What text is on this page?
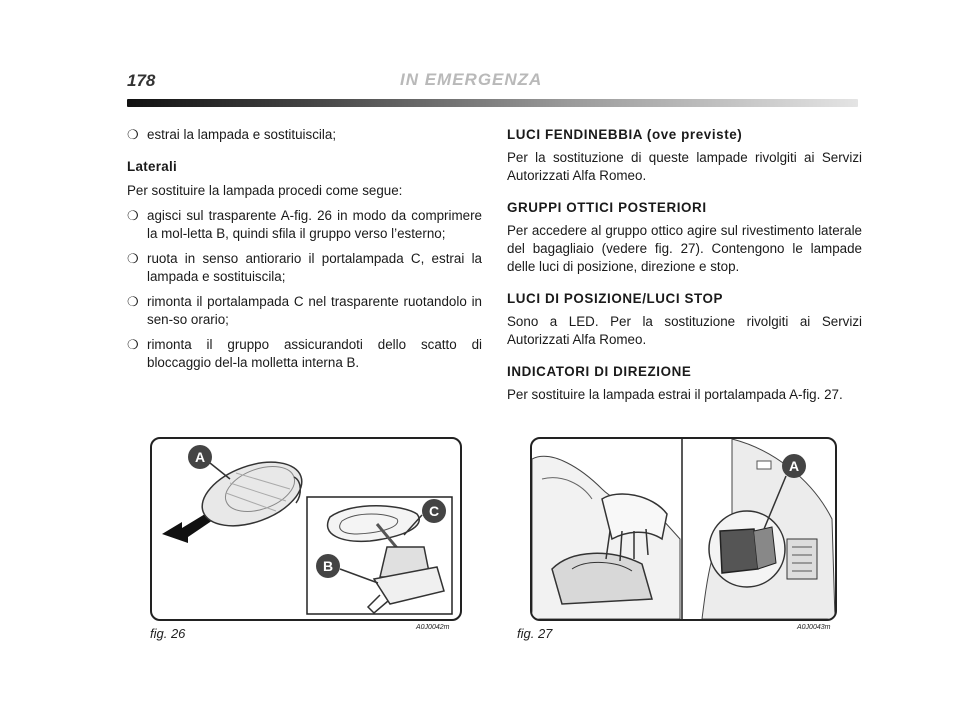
178	IN EMERGENZA
❍ estrai la lampada e sostituiscila;
Laterali
Per sostituire la lampada procedi come segue:
❍ agisci sul trasparente A-fig. 26 in modo da comprimere la mol-letta B, quindi sfila il gruppo verso l’esterno;
❍ ruota in senso antiorario il portalampada C, estrai la lampada e sostituiscila;
❍ rimonta il portalampada C nel trasparente ruotandolo in sen-so orario;
❍ rimonta il gruppo assicurandoti dello scatto di bloccaggio del-la molletta interna B.
LUCI FENDINEBBIA (ove previste)
Per la sostituzione di queste lampade rivolgiti ai Servizi Autorizzati Alfa Romeo.
GRUPPI OTTICI POSTERIORI
Per accedere al gruppo ottico agire sul rivestimento laterale del bagagliaio (vedere fig. 27). Contengono le lampade delle luci di posizione, direzione e stop.
LUCI DI POSIZIONE/LUCI STOP
Sono a LED. Per la sostituzione rivolgiti ai Servizi Autorizzati Alfa Romeo.
INDICATORI DI DIREZIONE
Per sostituire la lampada estrai il portalampada A-fig. 27.
A
C
B
fig. 26	A0J0042m
A
fig. 27	A0J0043m
